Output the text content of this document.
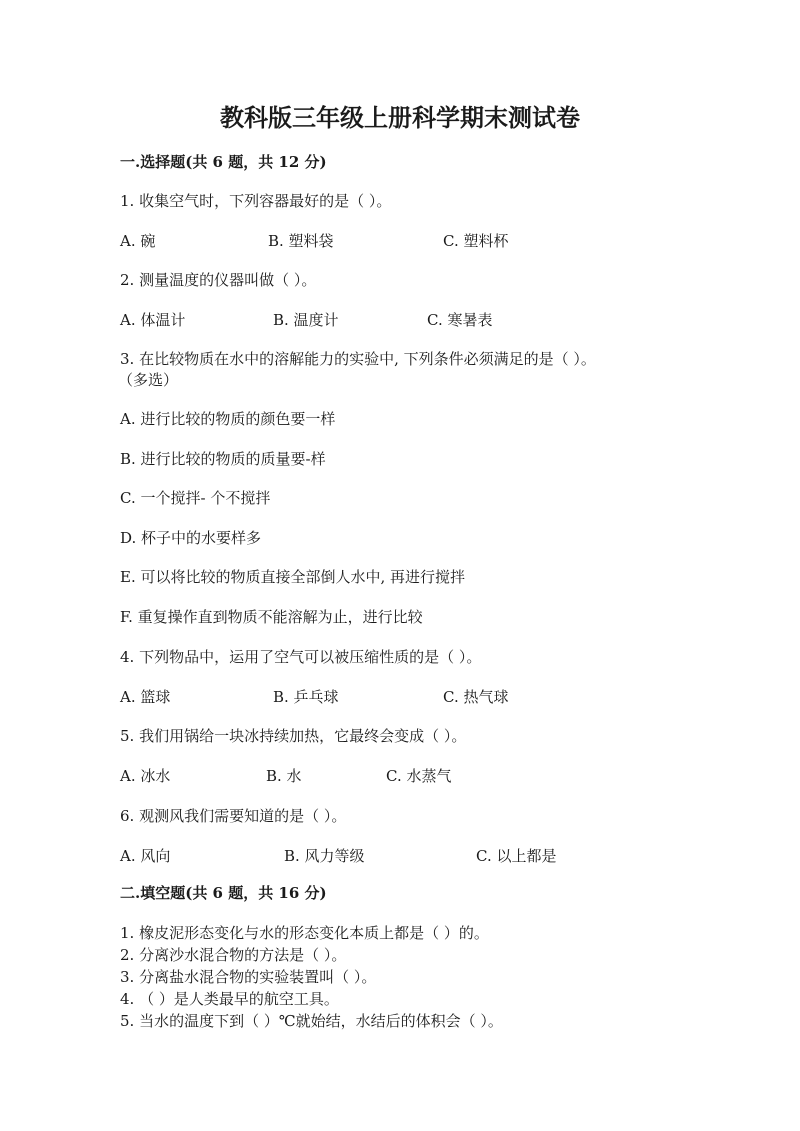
教科版三年级上册科学期末测试卷
一.选择题(共 6 题，共 12 分)
1. 收集空气时，下列容器最好的是（ ）。
A. 碗	B. 塑料袋	C. 塑料杯
2. 测量温度的仪器叫做（ ）。
A. 体温计	B. 温度计	C. 寒暑表
3. 在比较物质在水中的溶解能力的实验中, 下列条件必须满足的是（ ）。
（多选）
A. 进行比较的物质的颜色要一样
B. 进行比较的物质的质量要-样
C. 一个搅拌- 个不搅拌
D. 杯子中的水要样多
E. 可以将比较的物质直接全部倒人水中, 再进行搅拌
F. 重复操作直到物质不能溶解为止，进行比较
4. 下列物品中，运用了空气可以被压缩性质的是（ ）。
A. 篮球	B. 乒乓球	C. 热气球
5. 我们用锅给一块冰持续加热，它最终会变成（ ）。
A. 冰水	B. 水	C. 水蒸气
6. 观测风我们需要知道的是（ ）。
A. 风向	B. 风力等级	C. 以上都是
二.填空题(共 6 题，共 16 分)
1. 橡皮泥形态变化与水的形态变化本质上都是（ ）的。
2. 分离沙水混合物的方法是（ ）。
3. 分离盐水混合物的实验装置叫（ ）。
4. （ ）是人类最早的航空工具。
5. 当水的温度下到（ ）℃就始结，水结后的体积会（ ）。
